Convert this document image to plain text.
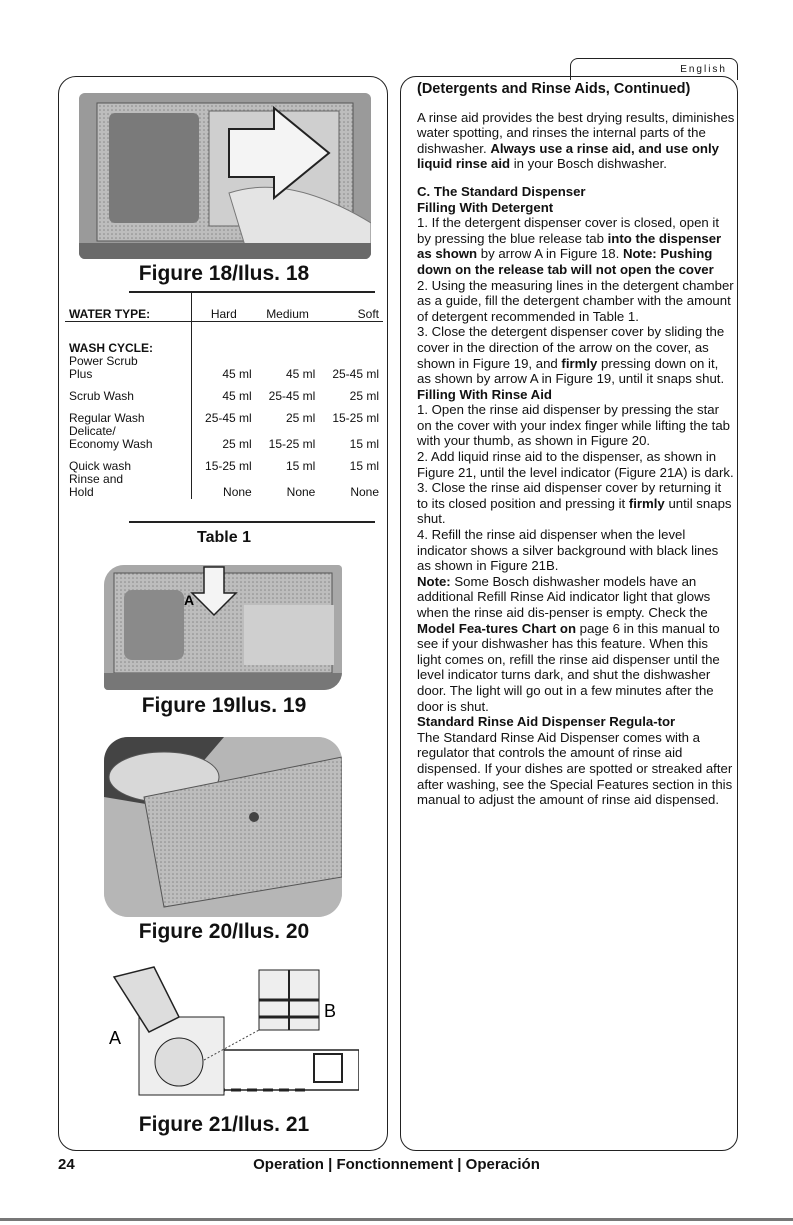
English
Figure 18/Ilus. 18
WATER TYPE:	Hard	Medium	Soft
WASH CYCLE:			
Power Scrub
Plus	45 ml	45 ml	25-45 ml
Scrub Wash	45 ml	25-45 ml	25 ml
Regular Wash	25-45 ml	25 ml	15-25 ml
Delicate/
Economy Wash	25 ml	15-25 ml	15 ml
Quick wash	15-25 ml	15 ml	15 ml
Rinse and
Hold	None	None	None
Table 1
A
Figure 19Ilus. 19
Figure 20/Ilus. 20
A
B
Figure 21/Ilus. 21

(Detergents and Rinse Aids, Continued)

A rinse aid provides the best drying results, diminishes water spotting, and rinses the internal parts of the dishwasher. Always use a rinse aid, and use only liquid rinse aid in your Bosch dishwasher.

C. The Standard Dispenser

Filling With Detergent

1. If the detergent dispenser cover is closed, open it by pressing the blue release tab into the dispenser as shown by arrow A in Figure 18. Note: Pushing down on the release tab will not open the cover

2. Using the measuring lines in the detergent chamber as a guide, fill the detergent chamber with the amount of detergent recommended in Table 1.

3. Close the detergent dispenser cover by sliding the cover in the direction of the arrow on the cover, as shown in Figure 19, and firmly pressing down on it, as shown by arrow A in Figure 19, until it snaps shut.

Filling With Rinse Aid

1. Open the rinse aid dispenser by pressing the star on the cover with your index finger while lifting the tab with your thumb, as shown in Figure 20.

2. Add liquid rinse aid to the dispenser, as shown in Figure 21, until the level indicator (Figure 21A) is dark.

3. Close the rinse aid dispenser cover by returning it to its closed position and pressing it firmly until snaps shut.

4. Refill the rinse aid dispenser when the level indicator shows a silver background with black lines as shown in Figure 21B.

Note: Some Bosch dishwasher models have an additional Refill Rinse Aid indicator light that glows when the rinse aid dis-penser is empty. Check the Model Fea-tures Chart on page 6 in this manual to see if your dishwasher has this feature. When this light comes on, refill the rinse aid dispenser until the level indicator turns dark, and shut the dishwasher door. The light will go out in a few minutes after the door is shut.

Standard Rinse Aid Dispenser Regula-tor

The Standard Rinse Aid Dispenser comes with a regulator that controls the amount of rinse aid dispensed. If your dishes are spotted or streaked after after washing, see the Special Features section in this manual to adjust the amount of rinse aid dispensed.

24	Operation | Fonctionnement | Operación
